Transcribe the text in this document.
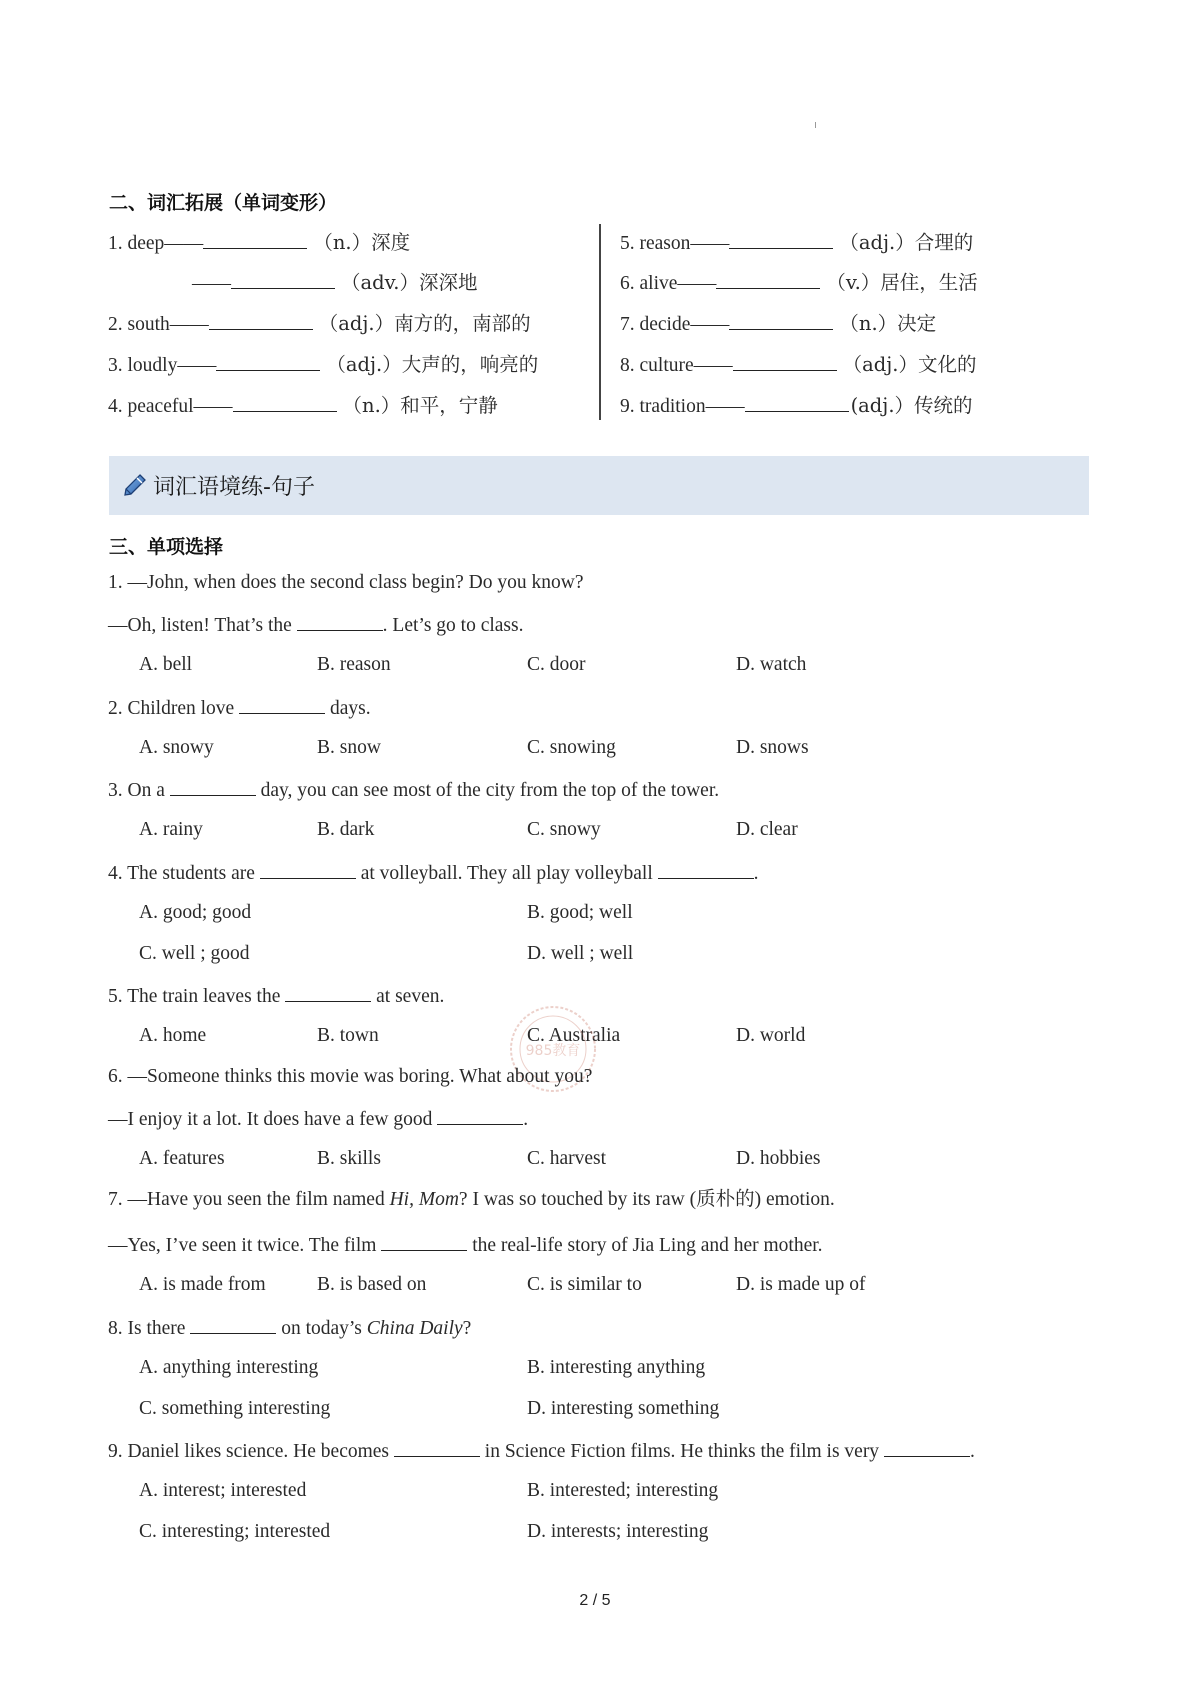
二、词汇拓展（单词变形）
1. deep——	（n.）深度
——	（adv.）深深地
2. south——	（adj.）南方的，南部的
3. loudly——	（adj.）大声的，响亮的
4. peaceful——	（n.）和平，宁静
5. reason——	（adj.）合理的
6. alive——	（v.）居住，生活
7. decide——	（n.）决定
8. culture——	（adj.）文化的
9. tradition——	(adj.）传统的
词汇语境练-句子
三、单项选择
1. —John, when does the second class begin? Do you know?
—Oh, listen! That’s the	. Let’s go to class.
A. bell	B. reason	C. door	D. watch
2. Children love	days.
A. snowy	B. snow	C. snowing	D. snows
3. On a	day, you can see most of the city from the top of the tower.
A. rainy	B. dark	C. snowy	D. clear
4. The students are	at volleyball. They all play volleyball	.
A. good; good	B. good; well
C. well ; good	D. well ; well
5. The train leaves the	at seven.
A. home	B. town	C. Australia	D. world
985教育
6. —Someone thinks this movie was boring. What about you?
—I enjoy it a lot. It does have a few good	.
A. features	B. skills	C. harvest	D. hobbies
7. —Have you seen the film named Hi, Mom? I was so touched by its raw (质朴的) emotion.
—Yes, I’ve seen it twice. The film	the real-life story of Jia Ling and her mother.
A. is made from	B. is based on	C. is similar to	D. is made up of
8. Is there	on today’s China Daily?
A. anything interesting	B. interesting anything
C. something interesting	D. interesting something
9. Daniel likes science. He becomes	in Science Fiction films. He thinks the film is very	.
A. interest; interested	B. interested; interesting
C. interesting; interested	D. interests; interesting
2 / 5
